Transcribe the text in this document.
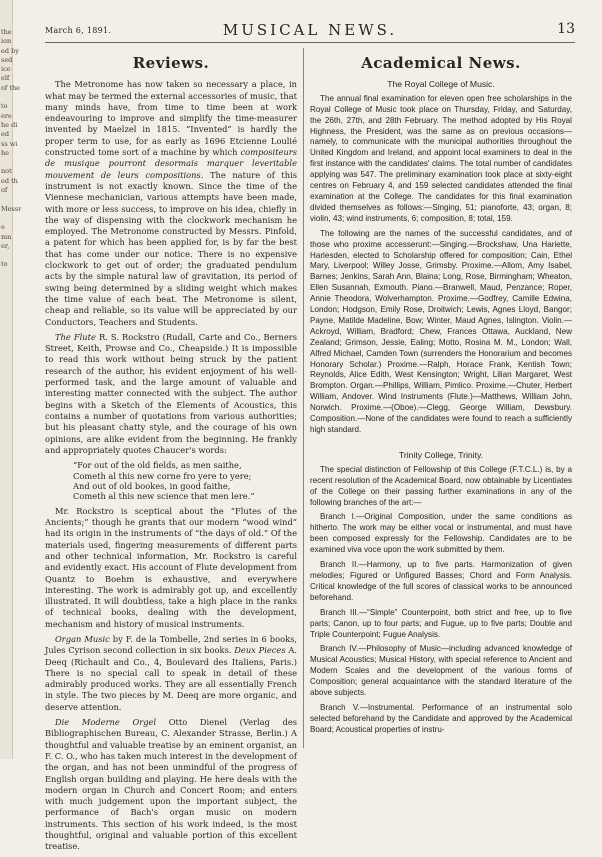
the
ion
ed by
sed
ice
elf
of the

to
ere
he di
ed
ss wi
he

not
ed th
of

Messr

e
mn
er,

to
March 6, 1891.	MUSICAL NEWS.	13
Reviews.

The Metronome has now taken so necessary a place, in what may be termed the external accessories of music, that many minds have, from time to time been at work endeavouring to improve and simplify the time-measurer invented by Maelzel in 1815. “Invented” is hardly the proper term to use, for as early as 1696 Etcienne Loulié constructed tome sort of a machine by which compositeurs de musique pourront desormais marquer leveritable mouvement de leurs compositions. The nature of this instrument is not exactly known. Since the time of the Viennese mechanician, various attempts have been made, with more or less success, to improve on his idea, chiefly in the way of dispensing with the clockwork mechanism he employed. The Metronome constructed by Messrs. Pinfold, a patent for which has been applied for, is by far the best that has come under our notice. There is no expensive clockwork to get out of order; the graduated pendulum acts by the simple natural law of gravitation, its period of swing being determined by a sliding weight which makes the time value of each beat. The Metronome is silent, cheap and reliable, so its value will be appreciated by our Conductors, Teachers and Students.

The Flute R. S. Rockstro (Rudall, Carte and Co., Berners Street, Keith, Prowse and Co., Cheapside.) It is impossible to read this work without being struck by the patient research of the author, his evident enjoyment of his well-performed task, and the large amount of valuable and interesting matter connected with the subject. The author begins with a Sketch of the Elements of Acoustics, this contains a number of quotations from various authorities; but his pleasant chatty style, and the courage of his own opinions, are alike evident from the beginning. He frankly and appropriately quotes Chaucer's words:

“For out of the old fields, as men saithe,
Cometh al this new corne fro yere to yere;
And out of old bookes, in good faithe,
Cometh al this new science that men lere.”

Mr. Rockstro is sceptical about the “Flutes of the Ancients;” though he grants that our modern “wood wind” had its origin in the instruments of “the days of old.” Of the materials used, fingering measurements of different parts and other technical information, Mr. Rockstro is careful and evidently exact. His account of Flute development from Quantz to Boehm is exhaustive, and everywhere interesting. The work is admirably got up, and excellently illustrated. It will doubtless, take a high place in the ranks of technical books, dealing with the development, mechanism and history of musical instruments.

Organ Music by F. de la Tombelle, 2nd series in 6 books, Jules Cyrison second collection in six books. Deux Pieces A. Deeq (Richault and Co., 4, Boulevard des Italiens, Paris.) There is no special call to speak in detail of these admirably produced works. They are all essentially French in style. The two pieces by M. Deeq are more organic, and deserve attention.

Die Moderne Orgel Otto Dienel (Verlag des Bibliographischen Bureau, C. Alexander Strasse, Berlin.) A thoughtful and valuable treatise by an eminent organist, an F. C. O., who has taken much interest in the development of the organ, and has not been unmindful of the progress of English organ building and playing. He here deals with the modern organ in Church and Concert Room; and enters with much judgement upon the important subject, the performance of Bach's organ music on modern instruments. This section of his work indeed, is the most thoughtful, original and valuable portion of this excellent treatise.

Academical News.
The Royal College of Music.

The annual final examination for eleven open free scholarships in the Royal College of Music took place on Thursday, Friday, and Saturday, the 26th, 27th, and 28th February. The method adopted by His Royal Highness, the President, was the same as on previous occasions—namely, to communicate with the municipal authorities throughout the United Kingdom and Ireland, and appoint local examiners to deal in the first instance with the candidates' claims. The total number of candidates applying was 547. The preliminary examination took place at sixty-eight centres on February 4, and 159 selected candidates attended the final examination at the College. The candidates for this final examination divided themselves as follows:—Singing, 51; pianoforte, 43; organ, 8; violin, 43; wind instruments, 6; composition, 8; total, 159.

The following are the names of the successful candidates, and of those who proxime accesserunt:—Singing.—Brockshaw, Una Hariette, Harlesden, elected to Scholarship offered for composition; Cain, Ethel Mary, Liverpool; Willey Josse, Grimsby. Proxime.—Allom, Amy Isabel, Barnes; Jenkins, Sarah Ann, Blaina; Long, Rose, Birmingham; Wheaton, Ellen Susannah, Exmouth. Piano.—Branwell, Maud, Penzance; Roper, Annie Theodora, Wolverhampton. Proxime.—Godfrey, Camille Edwina, London; Hodgson, Emily Rose, Droitwich; Lewis, Agnes Lloyd, Bangor; Payne, Matilde Madeline, Bow; Winter, Maud Agnes, Islington. Violin.—Ackroyd, William, Bradford; Chew, Frances Ottawa, Auckland, New Zealand; Grimson, Jessie, Ealing; Motto, Rosina M. M., London; Wall, Alfred Michael, Camden Town (surrenders the Honorarium and becomes Honorary Scholar.) Proxime.—Ralph, Horace Frank, Kentish Town; Reynolds, Alice Edith, West Kensington; Wright, Lilian Margaret, West Brompton. Organ.—Phillips, William, Pimlico. Proxime.—Chuter, Herbert William, Andover. Wind Instruments (Flute.)—Matthews, William John, Norwich. Proxime.—(Oboe).—Clegg, George William, Dewsbury. Composition.—None of the candidates were found to reach a sufficiently high standard.

Trinity College, Trinity.

The special distinction of Fellowship of this College (F.T.C.L.) is, by a recent resolution of the Academical Board, now obtainable by Licentiates of the College on their passing further examinations in any of the following branches of the art:—

Branch I.—Original Composition, under the same conditions as hitherto. The work may be either vocal or instrumental, and must have been composed expressly for the Fellowship. Candidates are to be examined viva voce upon the work submitted by them.

Branch II.—Harmony, up to five parts. Harmonization of given melodies; Figured or Unfigured Basses; Chord and Form Analysis. Critical knowledge of the full scores of classical works to be announced beforehand.

Branch III.—“Simple” Counterpoint, both strict and free, up to five parts; Canon, up to four parts; and Fugue, up to five parts; Double and Triple Counterpoint; Fugue Analysis.

Branch IV.—Philosophy of Music—including advanced knowledge of Musical Acoustics; Musical History, with special reference to Ancient and Modern Scales and the development of the various forms of Composition; general acquaintance with the standard literature of the above subjects.

Branch V.—Instrumental. Performance of an instrumental solo selected beforehand by the Candidate and approved by the Academical Board; Acoustical properties of instru-
